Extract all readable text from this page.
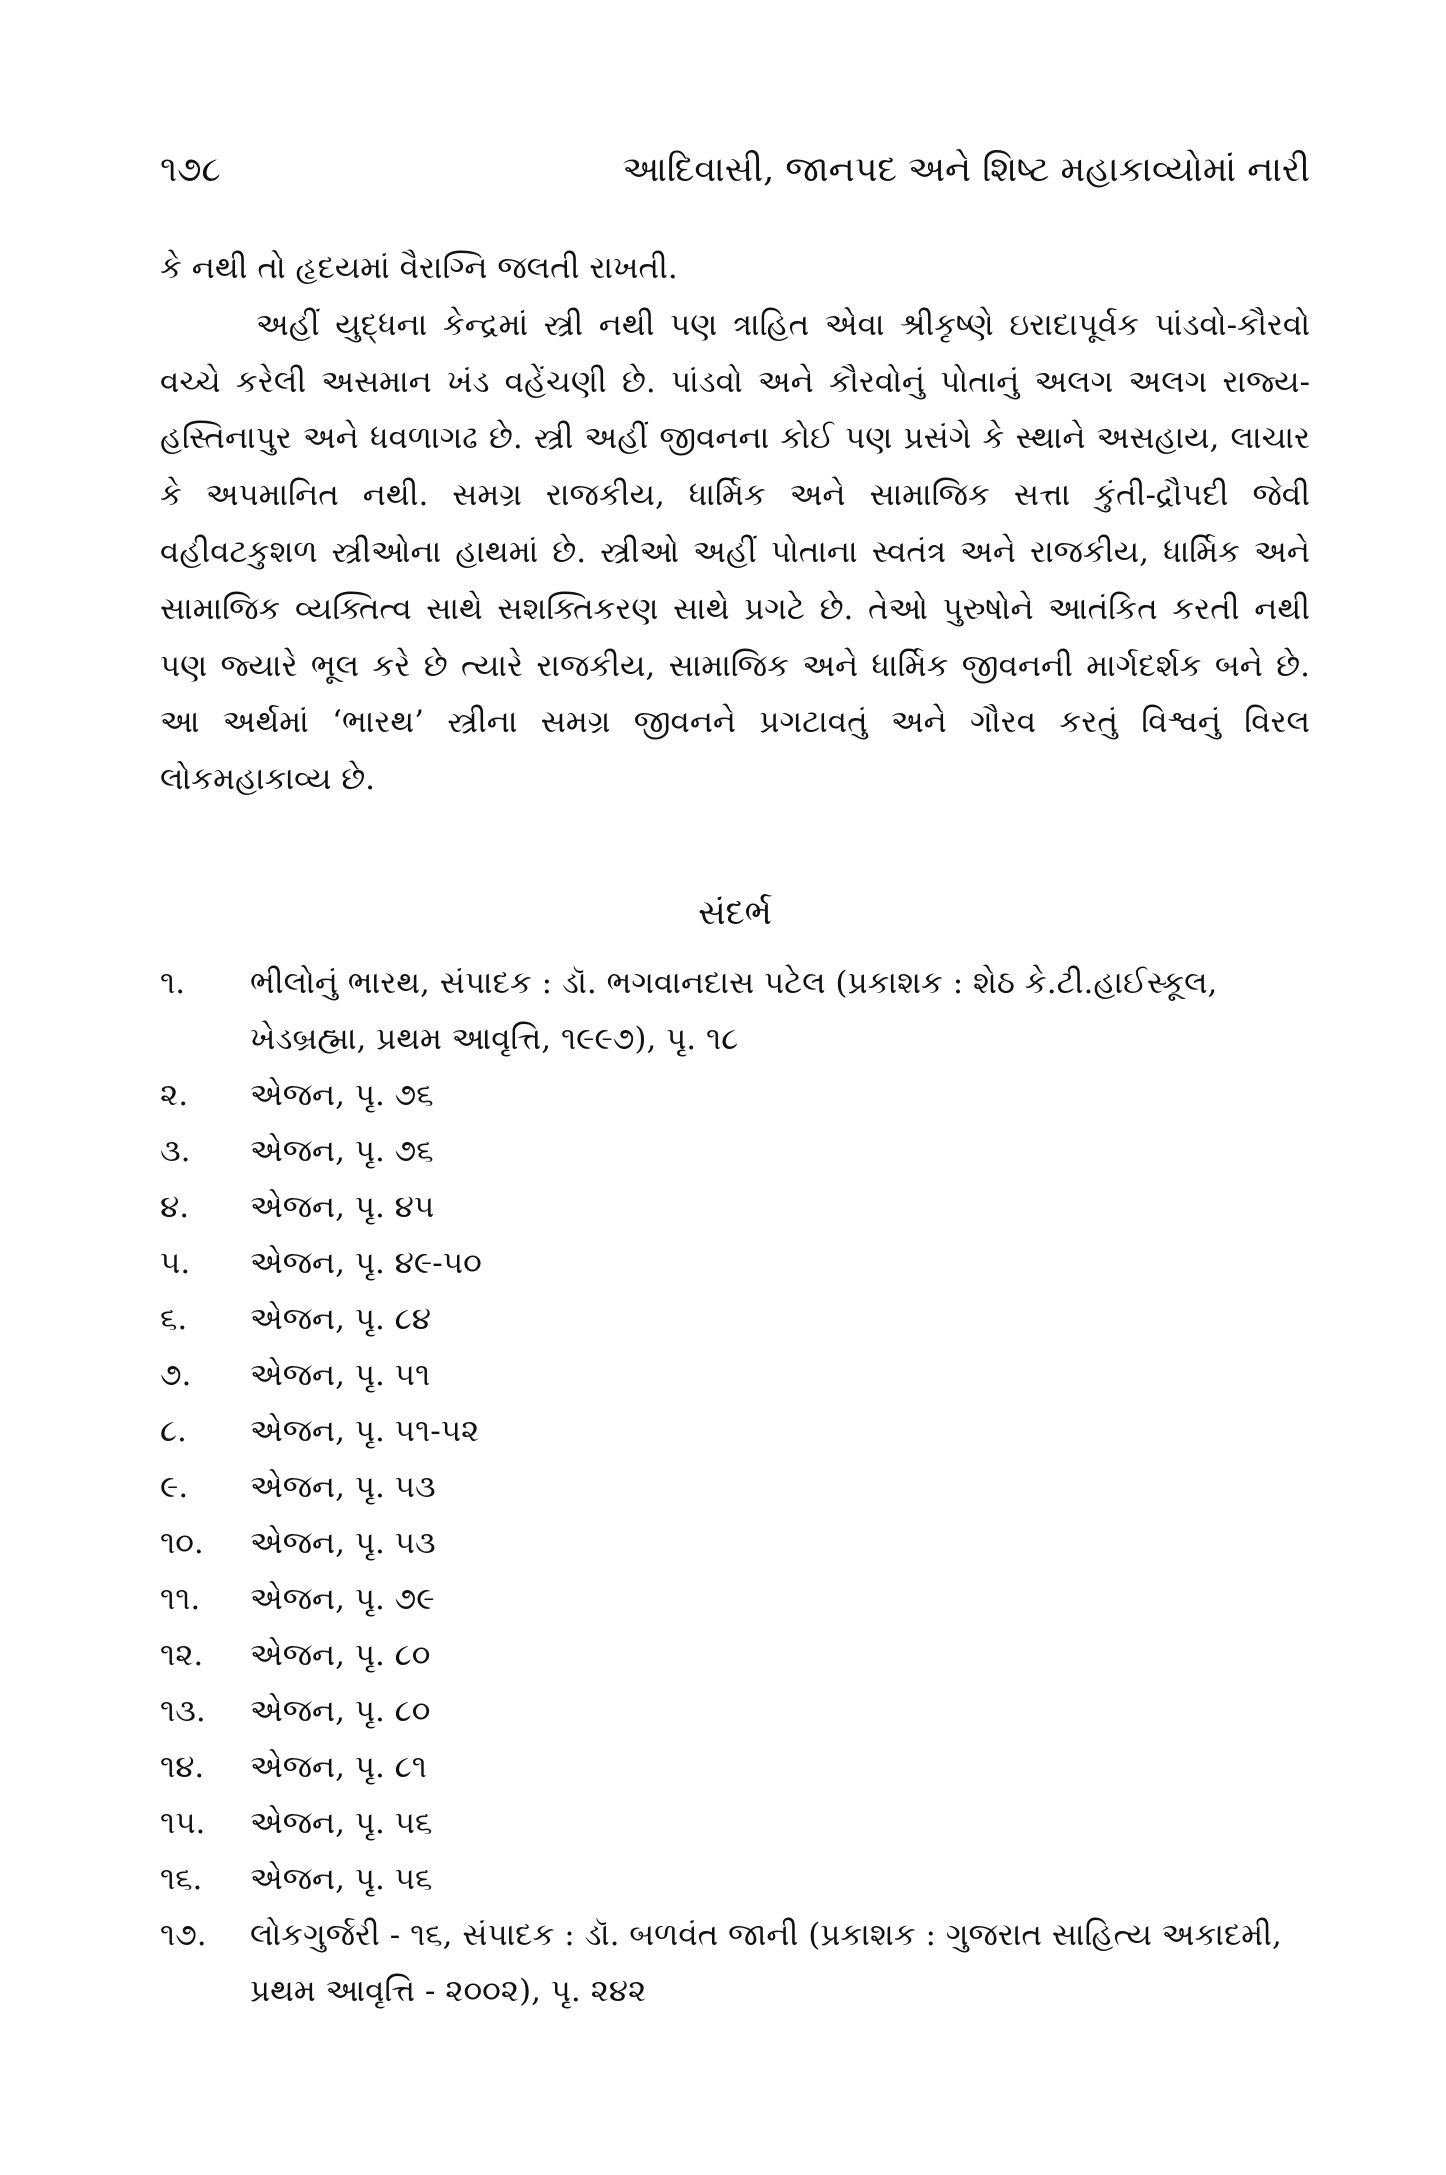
૧૭૮	આદિવાસી, જાનપદ અને શિષ્ટ મહાકાવ્યોમાં નારી

કે નથી તો હૃદયમાં વૈરાગ્નિ જલતી રાખતી.

અહીં યુદ્ધના કેન્દ્રમાં સ્ત્રી નથી પણ ત્રાહિત એવા શ્રીકૃષ્ણે ઇરાદાપૂર્વક પાંડવો-કૌરવો વચ્ચે કરેલી અસમાન ખંડ વહેંચણી છે. પાંડવો અને કૌરવોનું પોતાનું અલગ અલગ રાજ્ય-હસ્તિનાપુર અને ધવળાગઢ છે. સ્ત્રી અહીં જીવનના કોઈ પણ પ્રસંગે કે સ્થાને અસહાય, લાચાર કે અપમાનિત નથી. સમગ્ર રાજકીય, ધાર્મિક અને સામાજિક સત્તા કુંતી-દ્રૌપદી જેવી વહીવટકુશળ સ્ત્રીઓના હાથમાં છે. સ્ત્રીઓ અહીં પોતાના સ્વતંત્ર અને રાજકીય, ધાર્મિક અને સામાજિક વ્યક્તિત્વ સાથે સશક્તિકરણ સાથે પ્રગટે છે. તેઓ પુરુષોને આતંકિત કરતી નથી પણ જ્યારે ભૂલ કરે છે ત્યારે રાજકીય, સામાજિક અને ધાર્મિક જીવનની માર્ગદર્શક બને છે. આ અર્થમાં ‘ભારથ’ સ્ત્રીના સમગ્ર જીવનને પ્રગટાવતું અને ગૌરવ કરતું વિશ્વનું વિરલ લોકમહાકાવ્ય છે.

સંદર્ભ
૧.	ભીલોનું ભારથ, સંપાદક : ડૉ. ભગવાનદાસ પટેલ (પ્રકાશક : શેઠ કે.ટી.હાઈસ્કૂલ, ખેડબ્રહ્મા, પ્રથમ આવૃત્તિ, ૧૯૯૭), પૃ. ૧૮
૨.	એજન, પૃ. ૭૬
૩.	એજન, પૃ. ૭૬
૪.	એજન, પૃ. ૪૫
૫.	એજન, પૃ. ૪૯-૫૦
૬.	એજન, પૃ. ૮૪
૭.	એજન, પૃ. ૫૧
૮.	એજન, પૃ. ૫૧-૫૨
૯.	એજન, પૃ. ૫૩
૧૦.	એજન, પૃ. ૫૩
૧૧.	એજન, પૃ. ૭૯
૧૨.	એજન, પૃ. ૮૦
૧૩.	એજન, પૃ. ૮૦
૧૪.	એજન, પૃ. ૮૧
૧૫.	એજન, પૃ. ૫૬
૧૬.	એજન, પૃ. ૫૬
૧૭.	લોકગુર્જરી - ૧૬, સંપાદક : ડૉ. બળવંત જાની (પ્રકાશક : ગુજરાત સાહિત્ય અકાદમી, પ્રથમ આવૃત્તિ - ૨૦૦૨), પૃ. ૨૪૨
